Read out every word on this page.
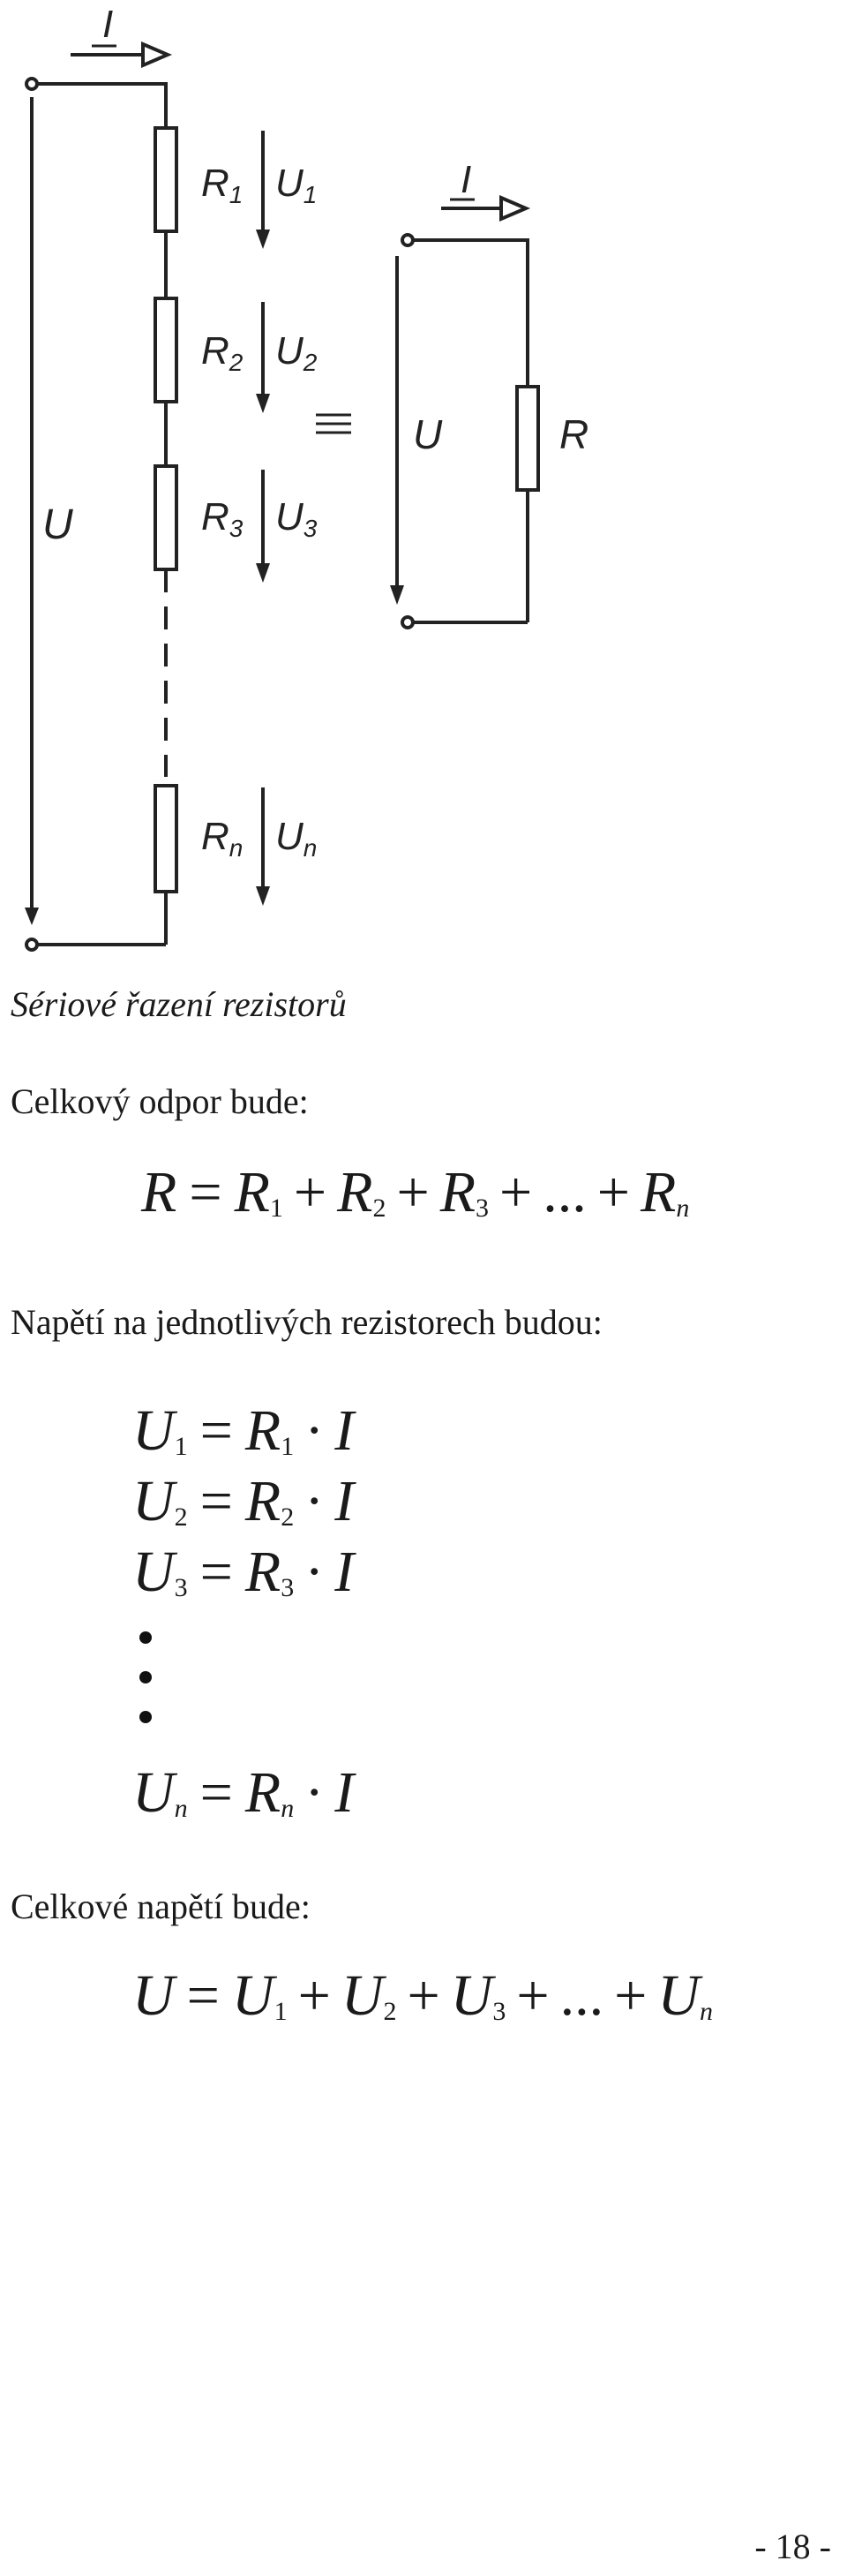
I
U
R1 U1
R2 U2
R3 U3
Rn Un
I
U	R
Sériové řazení rezistorů
Celkový odpor bude:
$R = R_1 + R_2 + R_3$ + ... + $R_n$
Napětí na jednotlivých rezistorech budou:
$U_1 = R_1 \cdot I$
$U_2 = R_2 \cdot I$
$U_3 = R_3 \cdot I$
$U_n = R_n \cdot I$
Celkové napětí bude:
$U = U_1 + U_2 + U_3$ + ... + $U_n$
- 18 -
